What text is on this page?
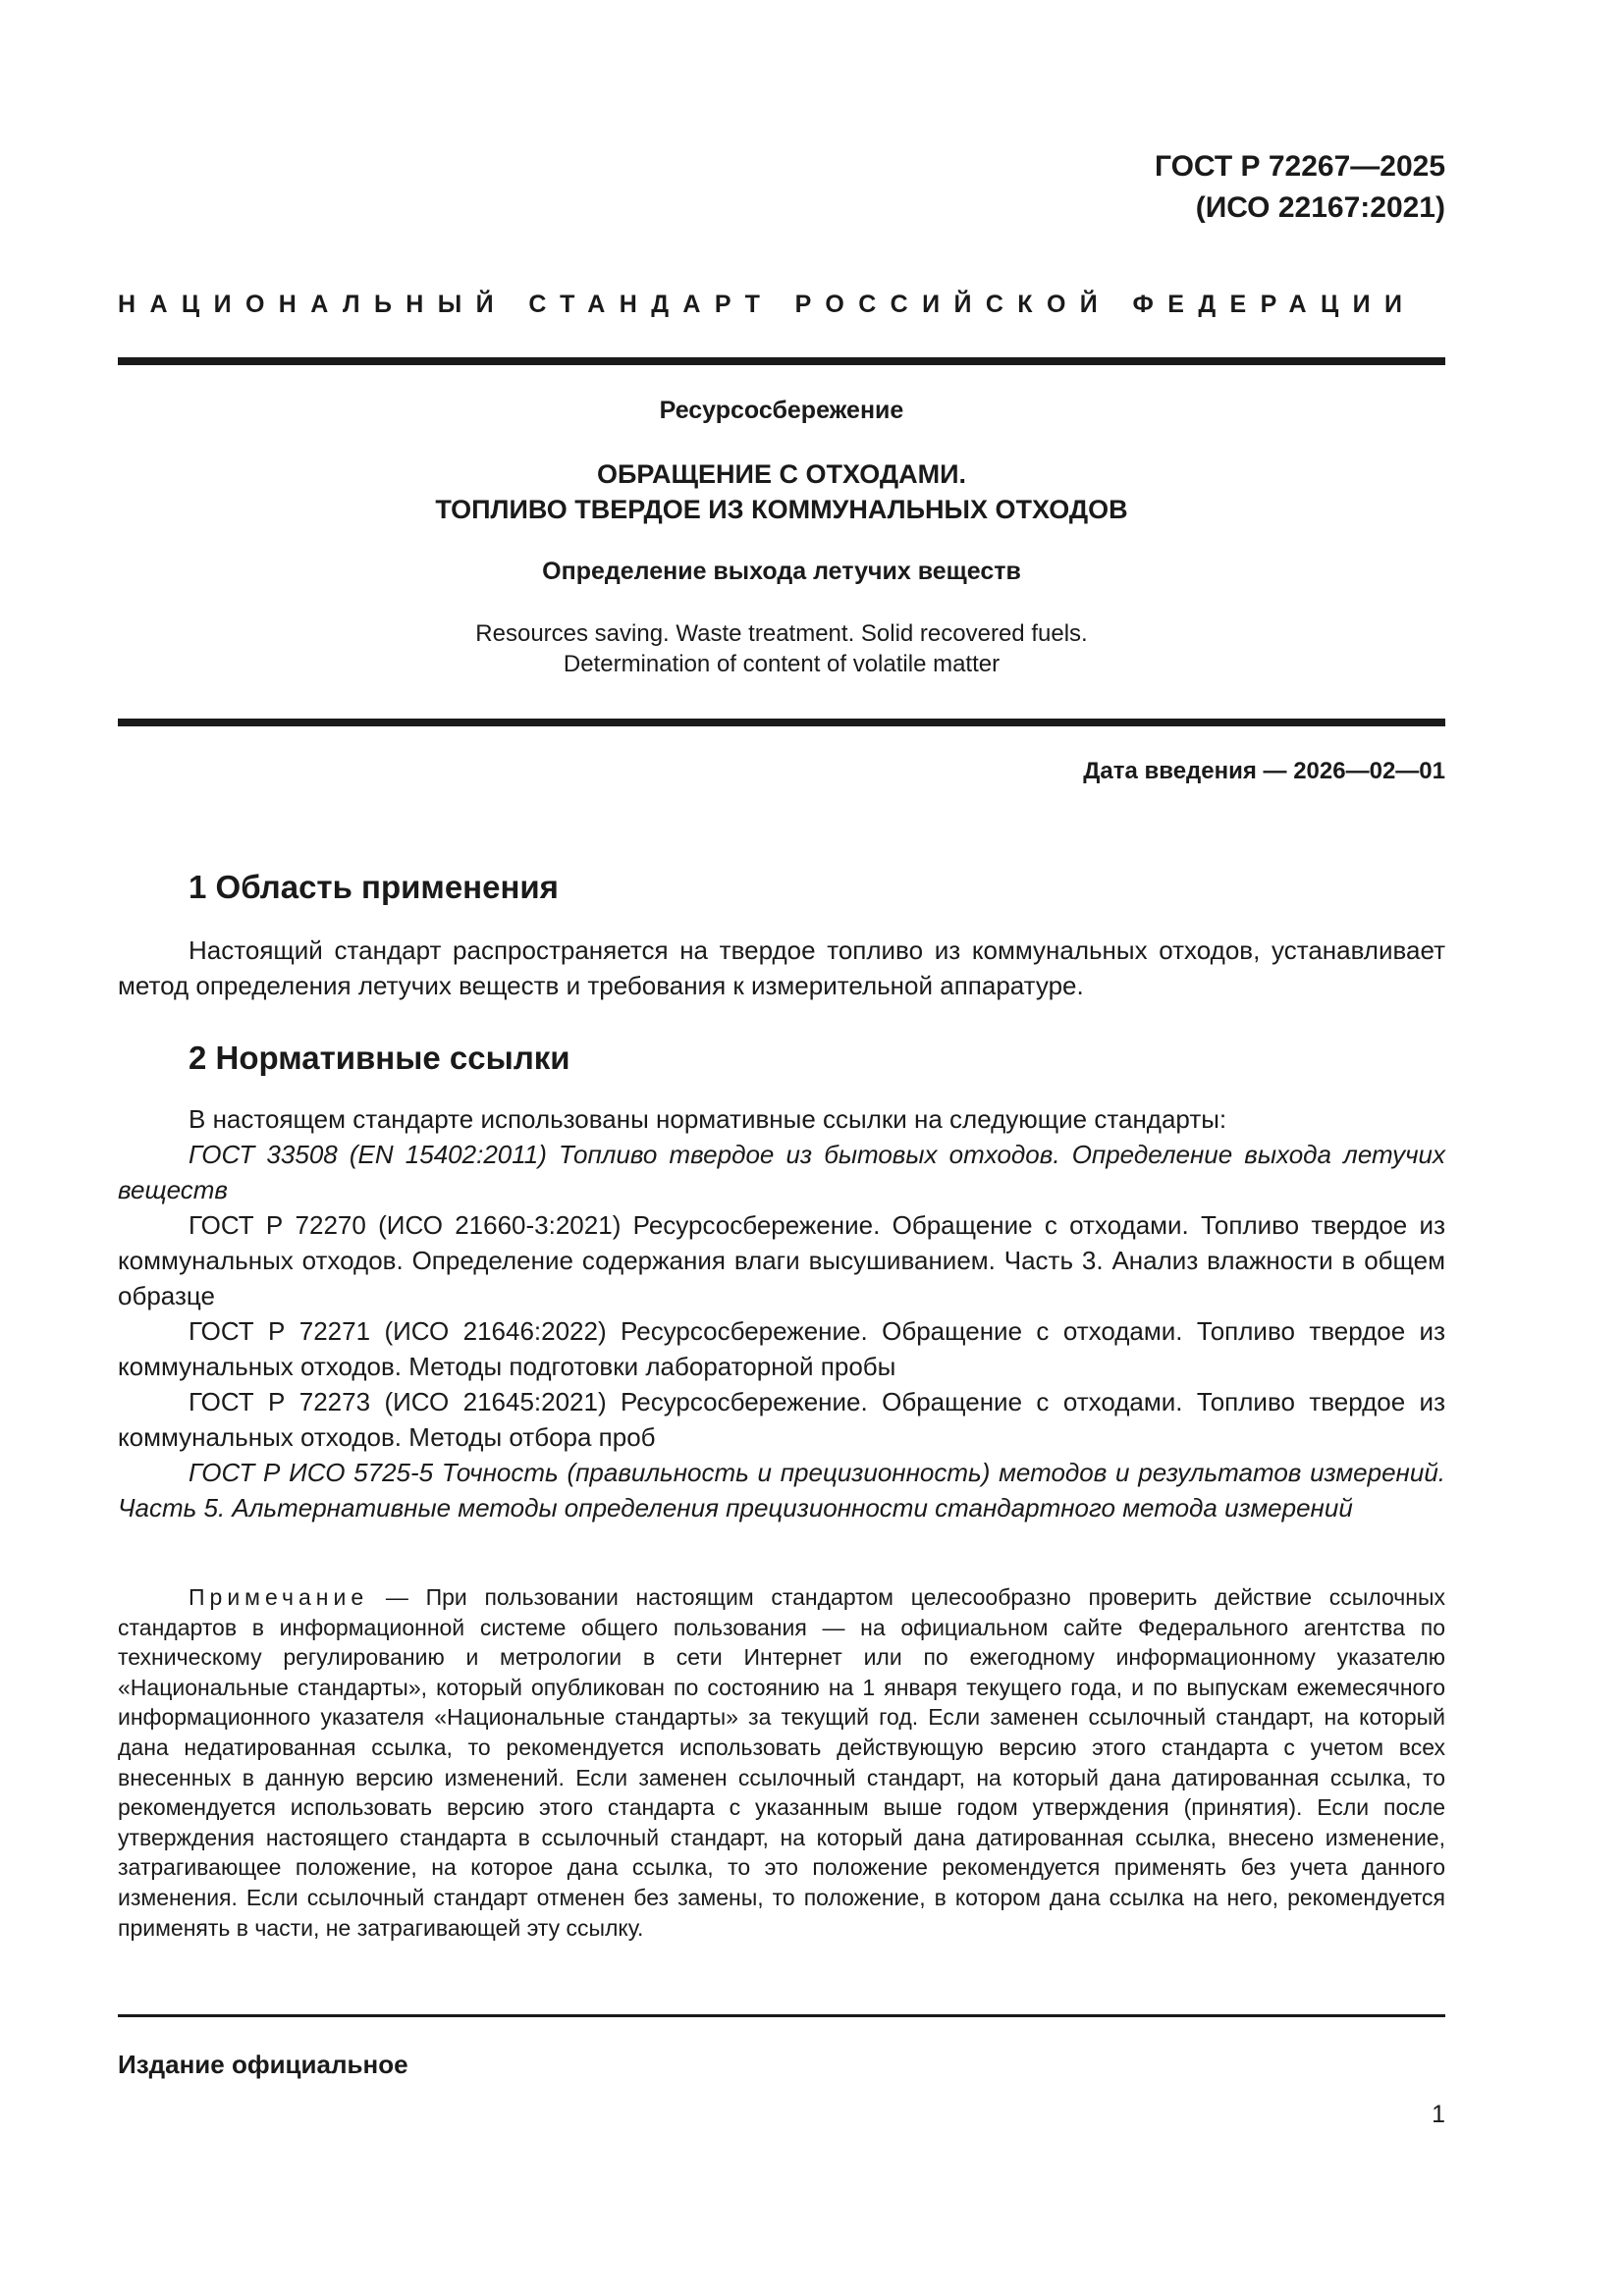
ГОСТ Р 72267—2025
(ИСО 22167:2021)
НАЦИОНАЛЬНЫЙ СТАНДАРТ РОССИЙСКОЙ ФЕДЕРАЦИИ
Ресурсосбережение
ОБРАЩЕНИЕ С ОТХОДАМИ.
ТОПЛИВО ТВЕРДОЕ ИЗ КОММУНАЛЬНЫХ ОТХОДОВ
Определение выхода летучих веществ
Resources saving. Waste treatment. Solid recovered fuels.
Determination of content of volatile matter
Дата введения — 2026—02—01
1 Область применения

Настоящий стандарт распространяется на твердое топливо из коммунальных отходов, устанавливает метод определения летучих веществ и требования к измерительной аппаратуре.

2 Нормативные ссылки

В настоящем стандарте использованы нормативные ссылки на следующие стандарты:

ГОСТ 33508 (EN 15402:2011) Топливо твердое из бытовых отходов. Определение выхода летучих веществ

ГОСТ Р 72270 (ИСО 21660-3:2021) Ресурсосбережение. Обращение с отходами. Топливо твердое из коммунальных отходов. Определение содержания влаги высушиванием. Часть 3. Анализ влажности в общем образце

ГОСТ Р 72271 (ИСО 21646:2022) Ресурсосбережение. Обращение с отходами. Топливо твердое из коммунальных отходов. Методы подготовки лабораторной пробы

ГОСТ Р 72273 (ИСО 21645:2021) Ресурсосбережение. Обращение с отходами. Топливо твердое из коммунальных отходов. Методы отбора проб

ГОСТ Р ИСО 5725-5 Точность (правильность и прецизионность) методов и результатов измерений. Часть 5. Альтернативные методы определения прецизионности стандартного метода измерений

Примечание — При пользовании настоящим стандартом целесообразно проверить действие ссылочных стандартов в информационной системе общего пользования — на официальном сайте Федерального агентства по техническому регулированию и метрологии в сети Интернет или по ежегодному информационному указателю «Национальные стандарты», который опубликован по состоянию на 1 января текущего года, и по выпускам ежемесячного информационного указателя «Национальные стандарты» за текущий год. Если заменен ссылочный стандарт, на который дана недатированная ссылка, то рекомендуется использовать действующую версию этого стандарта с учетом всех внесенных в данную версию изменений. Если заменен ссылочный стандарт, на который дана датированная ссылка, то рекомендуется использовать версию этого стандарта с указанным выше годом утверждения (принятия). Если после утверждения настоящего стандарта в ссылочный стандарт, на который дана датированная ссылка, внесено изменение, затрагивающее положение, на которое дана ссылка, то это положение рекомендуется применять без учета данного изменения. Если ссылочный стандарт отменен без замены, то положение, в котором дана ссылка на него, рекомендуется применять в части, не затрагивающей эту ссылку.

Издание официальное
1
